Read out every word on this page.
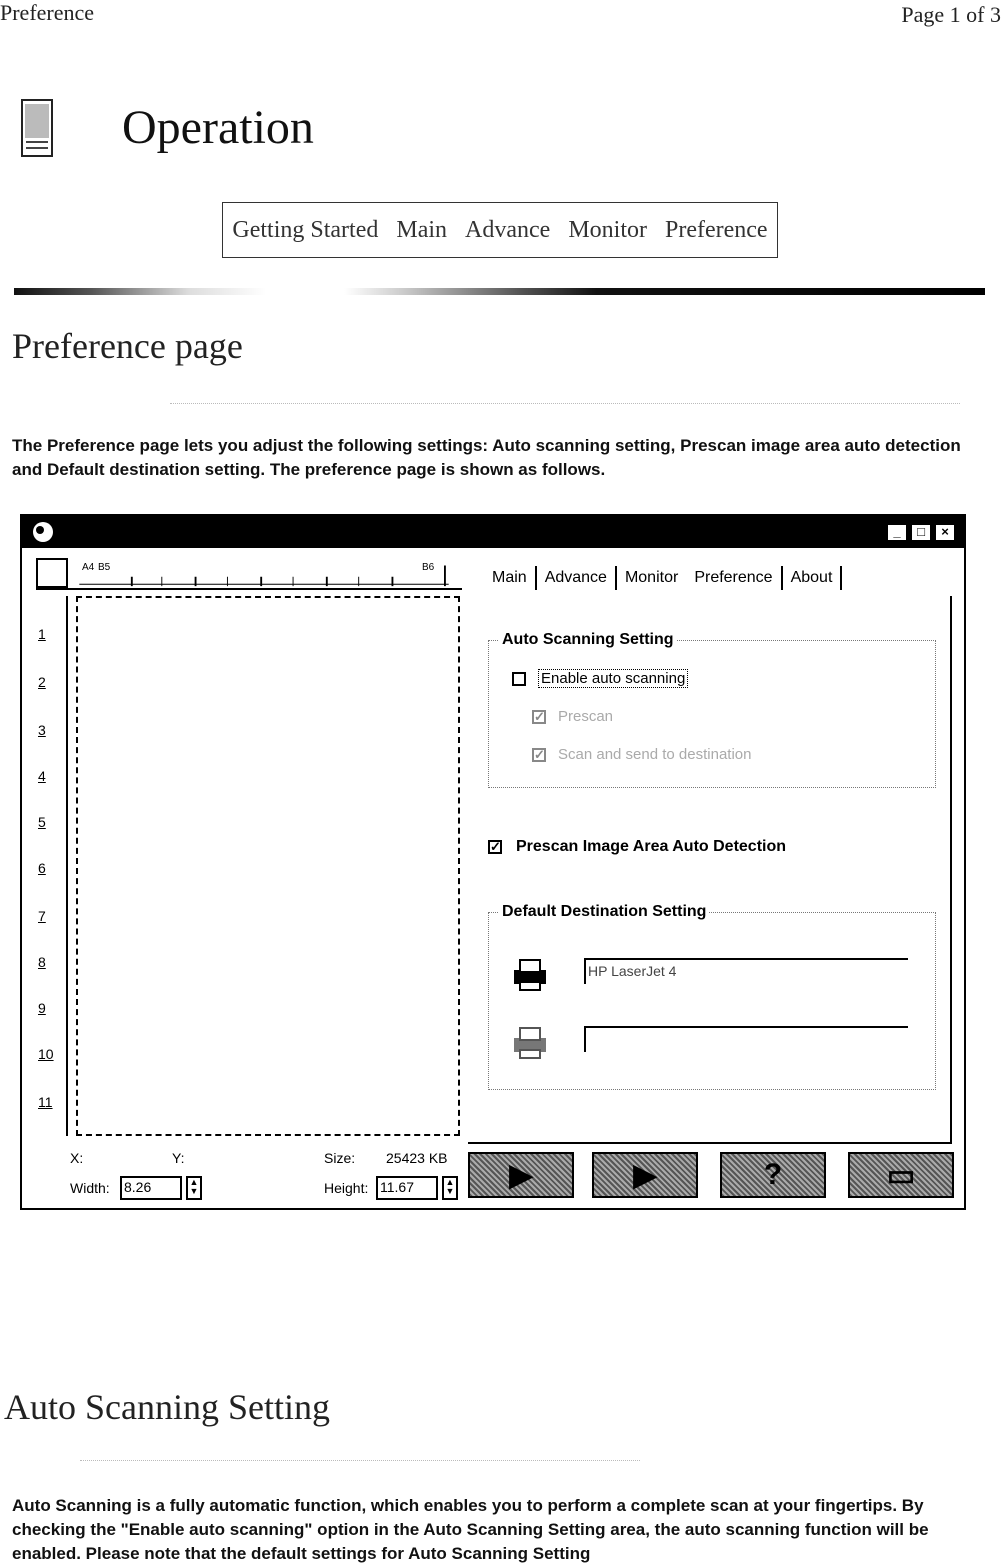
Preference	Page 1 of 3
Operation
Getting Started Main Advance Monitor Preference
Preference page
The Preference page lets you adjust the following settings: Auto scanning setting, Prescan image area auto detection and Default destination setting. The preference page is shown as follows.
_	□	×
A4 B5	B6
1
2
3
4
5
6
7
8
9
10
11
Main	Advance	Monitor	Preference	About
Auto Scanning Setting
Enable auto scanning
✓ Prescan
✓ Scan and send to destination
✓ Prescan Image Area Auto Detection
Default Destination Setting
HP LaserJet 4
X:	Y:	Size: 25423 KB
Width: 8.26	▲
▼	Height: 11.67	▲
▼	▶	▶	?	▭
Auto Scanning Setting
Auto Scanning is a fully automatic function, which enables you to perform a complete scan at your fingertips. By checking the "Enable auto scanning" option in the Auto Scanning Setting area, the auto scanning function will be enabled. Please note that the default settings for Auto Scanning Setting
